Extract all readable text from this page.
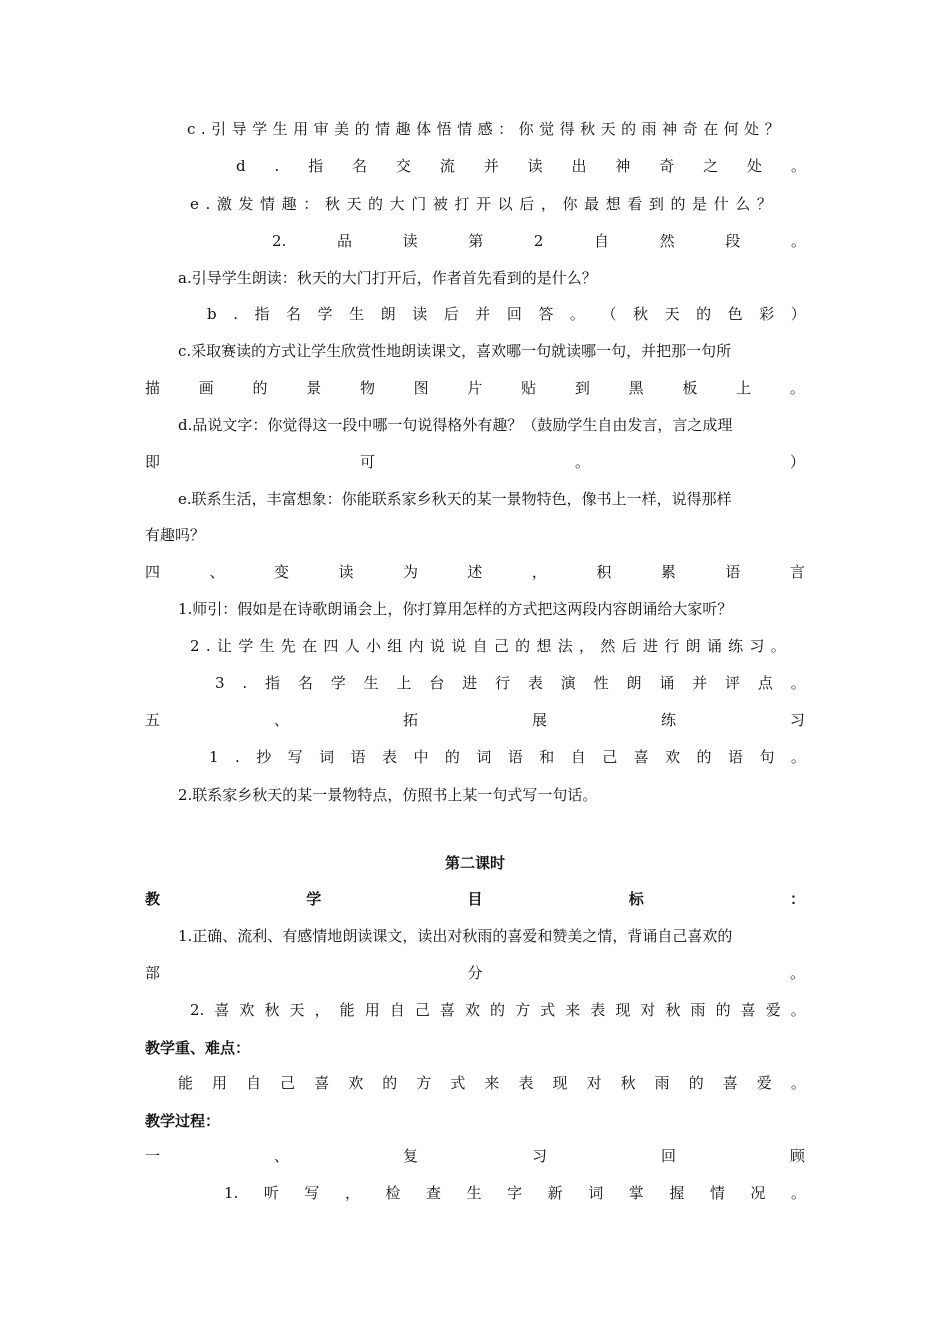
c.引导学生用审美的情趣体悟情感：你觉得秋天的雨神奇在何处？
d . 指 名 交 流 并 读 出 神 奇 之 处 。
e.激发情趣：秋天的大门被打开以后，你最想看到的是什么？
2.	品	读	第	2	自	然	段	。
a.引导学生朗读：秋天的大门打开后，作者首先看到的是什么？
b . 指 名 学 生 朗 读 后 并 回 答 。 （ 秋 天 的 色 彩 ）
c.采取赛读的方式让学生欣赏性地朗读课文，喜欢哪一句就读哪一句，并把那一句所
描	画	的	景	物	图	片	贴	到	黑	板	上	。
d.品说文字：你觉得这一段中哪一句说得格外有趣？（鼓励学生自由发言，言之成理
即	可	。	）
e.联系生活，丰富想象：你能联系家乡秋天的某一景物特色，像书上一样，说得那样
有趣吗？
四	、	变	读	为	述	，	积	累	语	言
1.师引：假如是在诗歌朗诵会上，你打算用怎样的方式把这两段内容朗诵给大家听？
2.让学生先在四人小组内说说自己的想法，然后进行朗诵练习。
3 . 指 名 学 生 上 台 进 行 表 演 性 朗 诵 并 评 点 。
五	、	拓	展	练	习
1 . 抄 写 词 语 表 中 的 词 语 和 自 己 喜 欢 的 语 句 。
2.联系家乡秋天的某一景物特点，仿照书上某一句式写一句话。
第二课时
教	学	目	标	：
1.正确、流利、有感情地朗读课文，读出对秋雨的喜爱和赞美之情，背诵自己喜欢的
部	分	。
2. 喜 欢 秋 天 ， 能 用 自 己 喜 欢 的 方 式 来 表 现 对 秋 雨 的 喜 爱 。
教学重、难点：
能 用 自 己 喜 欢 的 方 式 来 表 现 对 秋 雨 的 喜 爱 。
教学过程：
一	、	复	习	回	顾
1. 听 写 ， 检 查 生 字 新 词 掌 握 情 况 。
